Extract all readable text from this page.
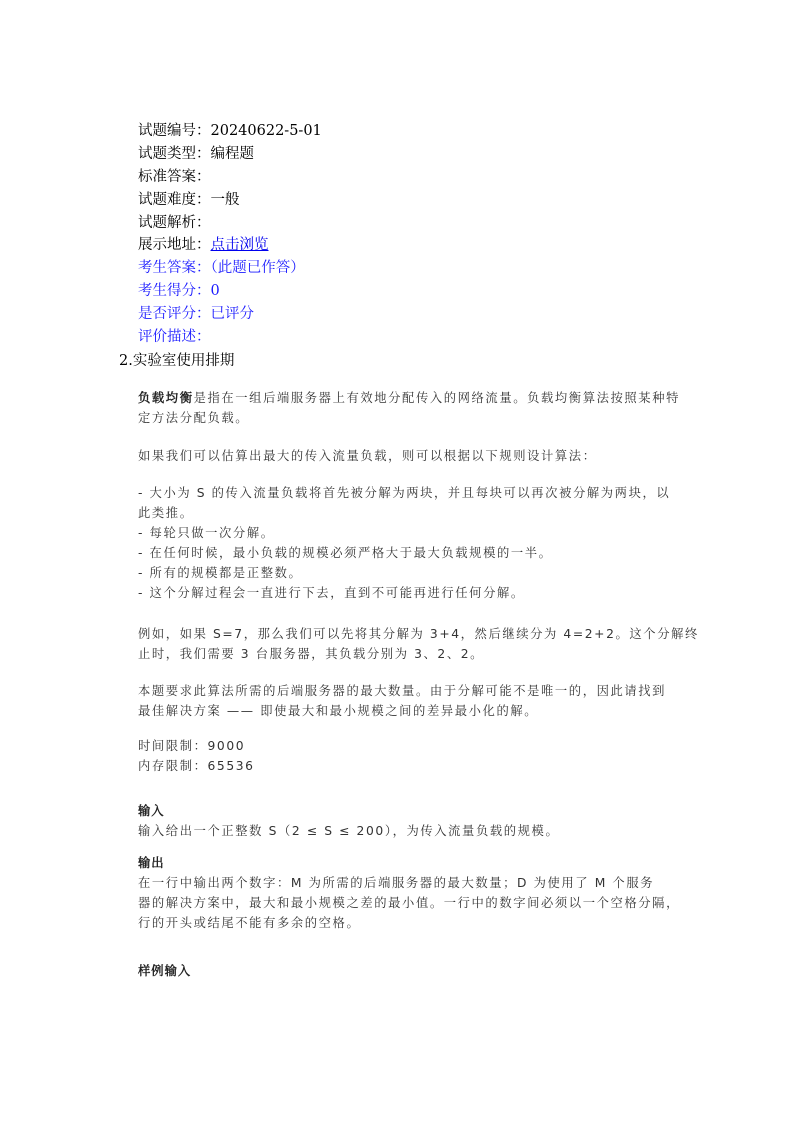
试题编号：20240622-5-01
试题类型：编程题
标准答案：
试题难度：一般
试题解析：
展示地址：点击浏览
考生答案：（此题已作答）
考生得分：0
是否评分：已评分
评价描述：
2.实验室使用排期

负载均衡是指在一组后端服务器上有效地分配传入的网络流量。负载均衡算法按照某种特

定方法分配负载。

如果我们可以估算出最大的传入流量负载，则可以根据以下规则设计算法：

- 大小为 S 的传入流量负载将首先被分解为两块，并且每块可以再次被分解为两块，以

此类推。

- 每轮只做一次分解。

- 在任何时候，最小负载的规模必须严格大于最大负载规模的一半。

- 所有的规模都是正整数。

- 这个分解过程会一直进行下去，直到不可能再进行任何分解。

例如，如果 S=7，那么我们可以先将其分解为 3+4，然后继续分为 4=2+2。这个分解终

止时，我们需要 3 台服务器，其负载分别为 3、2、2。

本题要求此算法所需的后端服务器的最大数量。由于分解可能不是唯一的，因此请找到

最佳解决方案 —— 即使最大和最小规模之间的差异最小化的解。

时间限制：9000

内存限制：65536

输入

输入给出一个正整数 S（2 ≤ S ≤ 200），为传入流量负载的规模。

输出

在一行中输出两个数字：M 为所需的后端服务器的最大数量；D 为使用了 M 个服务

器的解决方案中，最大和最小规模之差的最小值。一行中的数字间必须以一个空格分隔，

行的开头或结尾不能有多余的空格。

样例输入
